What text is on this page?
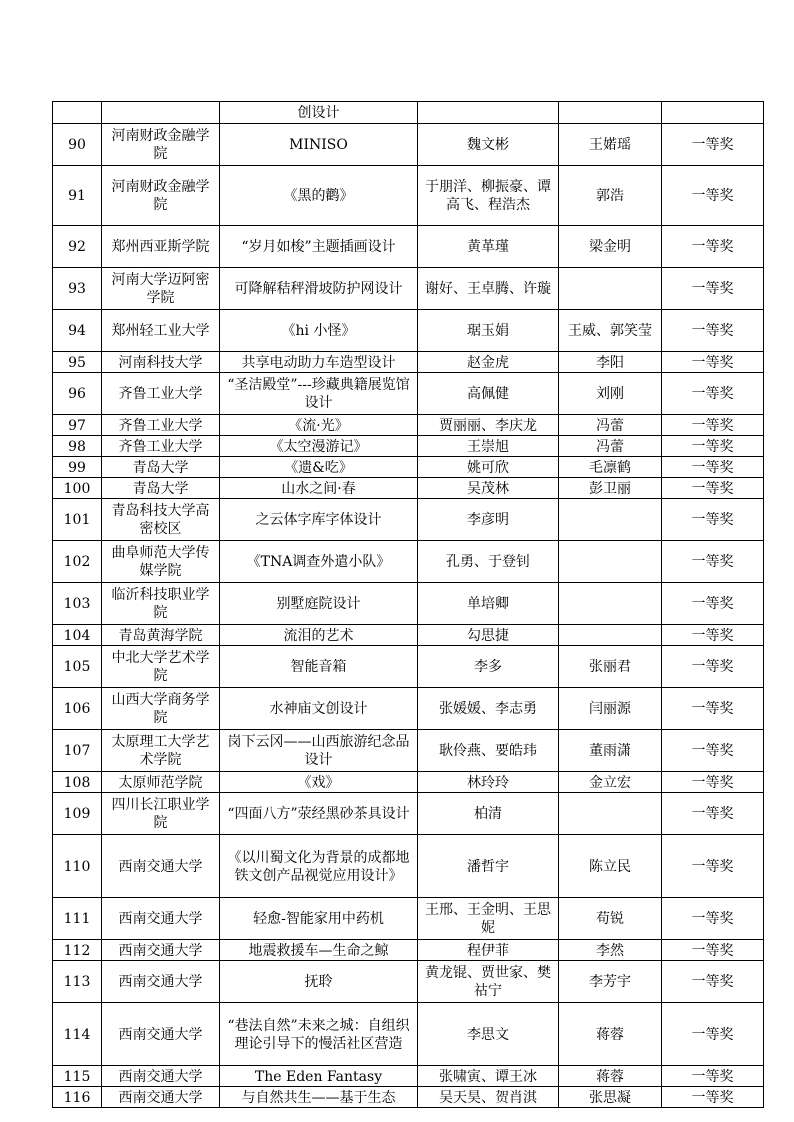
		创设计			
90	河南财政金融学院	MINISO	魏文彬	王婼瑶	一等奖
91	河南财政金融学院	《黑的鹳》	于朋洋、柳振豪、谭高飞、程浩杰	郭浩	一等奖
92	郑州西亚斯学院	“岁月如梭”主题插画设计	黄革瑾	梁金明	一等奖
93	河南大学迈阿密学院	可降解秸秤滑坡防护网设计	谢好、王卓腾、许璇		一等奖
94	郑州轻工业大学	《hi 小怪》	琚玉娟	王威、郭笑莹	一等奖
95	河南科技大学	共享电动助力车造型设计	赵金虎	李阳	一等奖
96	齐鲁工业大学	“圣洁殿堂”---珍藏典籍展览馆设计	高佩健	刘刚	一等奖
97	齐鲁工业大学	《流·光》	贾丽丽、李庆龙	冯蕾	一等奖
98	齐鲁工业大学	《太空漫游记》	王崇旭	冯蕾	一等奖
99	青岛大学	《遗&吃》	姚可欣	毛凛鹤	一等奖
100	青岛大学	山水之间·春	吴茂林	彭卫丽	一等奖
101	青岛科技大学高密校区	之云体字库字体设计	李彦明		一等奖
102	曲阜师范大学传媒学院	《TNA调查外遣小队》	孔勇、于登钊		一等奖
103	临沂科技职业学院	别墅庭院设计	单培卿		一等奖
104	青岛黄海学院	流泪的艺术	勾思捷		一等奖
105	中北大学艺术学院	智能音箱	李多	张丽君	一等奖
106	山西大学商务学院	水神庙文创设计	张媛媛、李志勇	闫丽源	一等奖
107	太原理工大学艺术学院	岗下云冈——山西旅游纪念品设计	耿伶燕、要皓玮	董雨潇	一等奖
108	太原师范学院	《戏》	林玲玲	金立宏	一等奖
109	四川长江职业学院	“四面八方”荥经黑砂茶具设计	柏清		一等奖
110	西南交通大学	《以川蜀文化为背景的成都地铁文创产品视觉应用设计》	潘哲宇	陈立民	一等奖
111	西南交通大学	轻愈-智能家用中药机	王邢、王金明、王思妮	苟锐	一等奖
112	西南交通大学	地震救援车—生命之鲸	程伊菲	李然	一等奖
113	西南交通大学	抚聆	黄龙锟、贾世家、樊祜宁	李芳宇	一等奖
114	西南交通大学	“巷法自然”未来之城：自组织理论引导下的慢活社区营造	李思文	蒋蓉	一等奖
115	西南交通大学	The Eden Fantasy	张啸寅、谭王冰	蒋蓉	一等奖
116	西南交通大学	与自然共生——基于生态	吴天昊、贺肖淇	张思凝	一等奖
